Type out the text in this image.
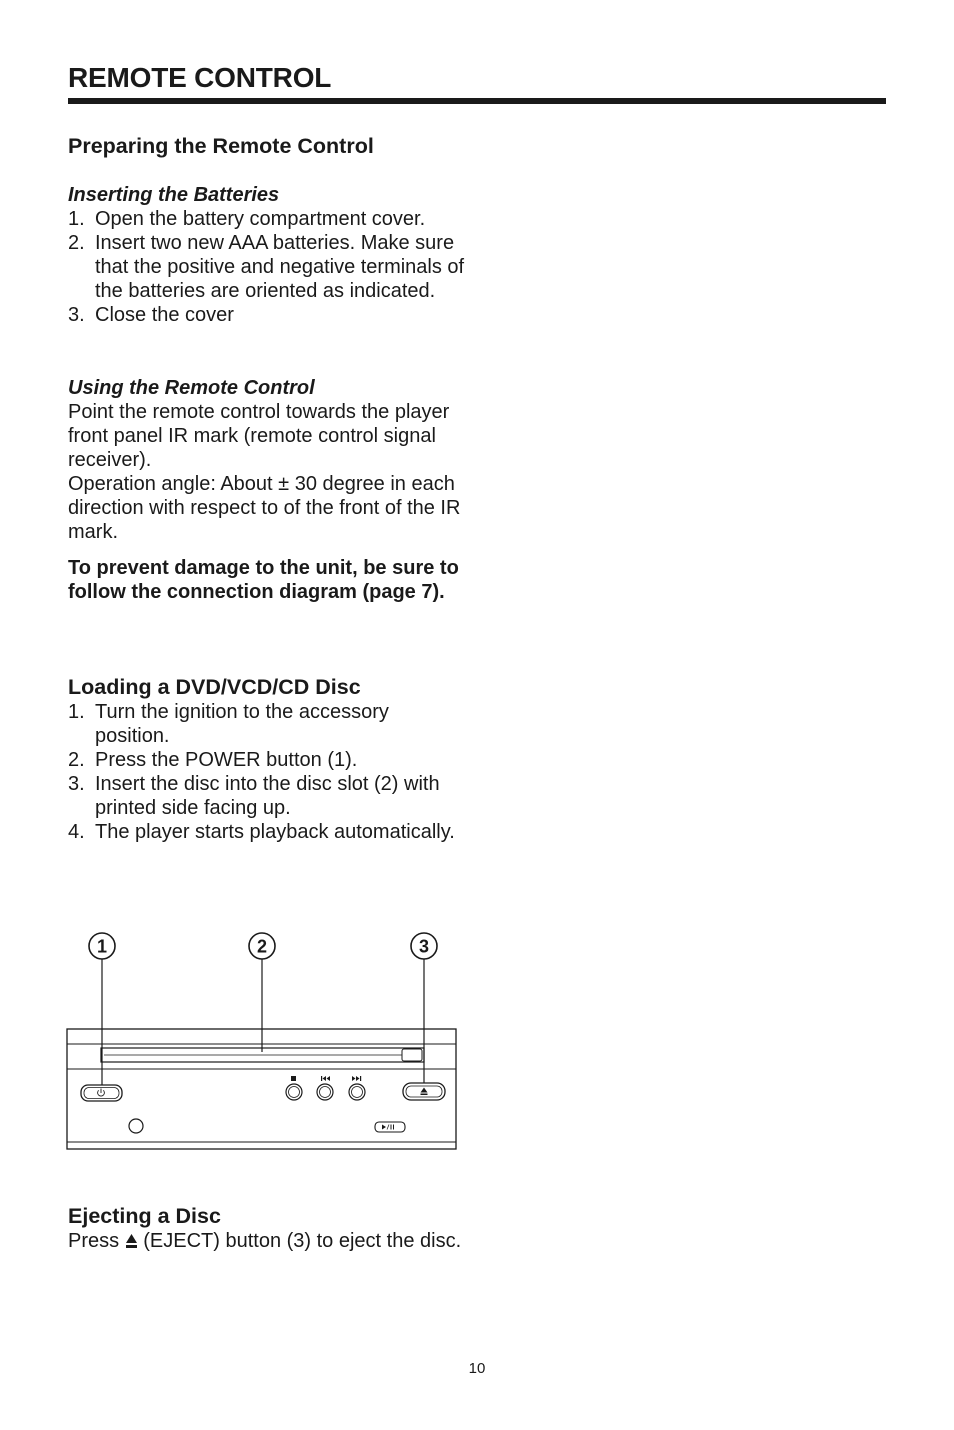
REMOTE CONTROL
Preparing the Remote Control
Inserting the Batteries
1. Open the battery compartment cover.
2. Insert two new AAA batteries. Make sure that the positive and negative terminals of the batteries are oriented as indicated.
3. Close the cover
Using the Remote Control

Point the remote control towards the player front panel IR mark (remote control signal receiver).

Operation angle: About ± 30 degree in each direction with respect to of the front of the IR mark.

To prevent damage to the unit, be sure to follow the connection diagram (page 7).
Loading a DVD/VCD/CD Disc
1. Turn the ignition to the accessory position.
2. Press the POWER button (1).
3. Insert the disc into the disc slot (2) with printed side facing up.
4. The player starts playback automatically.
1	2	3
Ejecting a Disc
Press  (EJECT) button (3) to eject the disc.
10
